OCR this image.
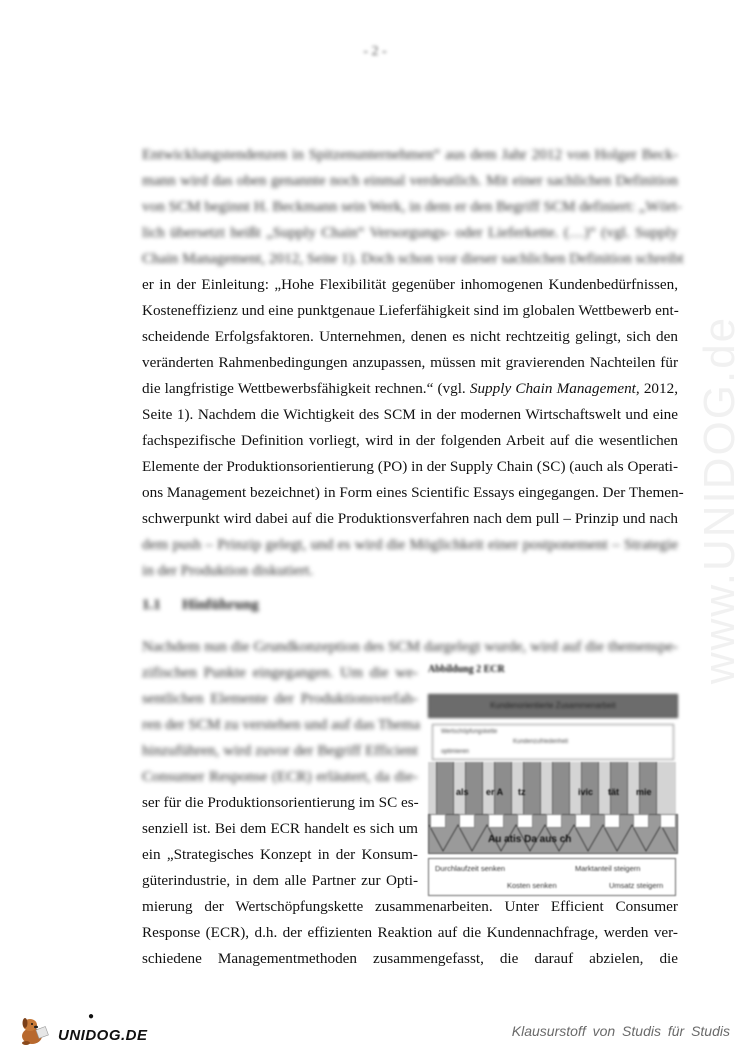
- 2 -
Entwicklungstendenzen in Spitzenunternehmen“ aus dem Jahr 2012 von Holger Beck-
mann wird das oben genannte noch einmal verdeutlich. Mit einer sachlichen Definition
von SCM beginnt H. Beckmann sein Werk, in dem er den Begriff SCM definiert: „Wört-
lich übersetzt heißt „Supply Chain“ Versorgungs- oder Lieferkette. (…)“ (vgl. Supply
Chain Management, 2012, Seite 1). Doch schon vor dieser sachlichen Definition schreibt
er in der Einleitung: „Hohe Flexibilität gegenüber inhomogenen Kundenbedürfnissen,
Kosteneffizienz und eine punktgenaue Lieferfähigkeit sind im globalen Wettbewerb ent-
scheidende Erfolgsfaktoren. Unternehmen, denen es nicht rechtzeitig gelingt, sich den
veränderten Rahmenbedingungen anzupassen, müssen mit gravierenden Nachteilen für
die langfristige Wettbewerbsfähigkeit rechnen.“ (vgl. Supply Chain Management, 2012,
Seite 1). Nachdem die Wichtigkeit des SCM in der modernen Wirtschaftswelt und eine
fachspezifische Definition vorliegt, wird in der folgenden Arbeit auf die wesentlichen
Elemente der Produktionsorientierung (PO) in der Supply Chain (SC) (auch als Operati-
ons Management bezeichnet) in Form eines Scientific Essays eingegangen. Der Themen-
schwerpunkt wird dabei auf die Produktionsverfahren nach dem pull – Prinzip und nach
dem push – Prinzip gelegt, und es wird die Möglichkeit einer postponement – Strategie
in der Produktion diskutiert.
1.1 Hinführung
Nachdem nun die Grundkonzeption des SCM dargelegt wurde, wird auf die themenspe-
zifischen Punkte eingegangen. Um die we-
sentlichen Elemente der Produktionsverfah-
ren der SCM zu verstehen und auf das Thema
hinzuführen, wird zuvor der Begriff Efficient
Consumer Response (ECR) erläutert, da die-
ser für die Produktionsorientierung im SC es-
senziell ist. Bei dem ECR handelt es sich um
ein „Strategisches Konzept in der Konsum-
güterindustrie, in dem alle Partner zur Opti-
mierung der Wertschöpfungskette zusammenarbeiten. Unter Efficient Consumer
Response (ECR), d.h. der effizienten Reaktion auf die Kundennachfrage, werden ver-
schiedene Managementmethoden zusammengefasst, die darauf abzielen, die
Abbildung 2 ECR
Kundenorientierte Zusammenarbeit
Wertschöpfungskette
Kundenzufriedenheit
optimieren
als er A tz	ivic tät mie
Au atis Da aus ch
Durchlaufzeit senken	Marktanteil steigern
Kosten senken	Umsatz steigern
www.UNIDOG.de
●
UNIDOG.DE	Klausurstoff von Studis für Studis
